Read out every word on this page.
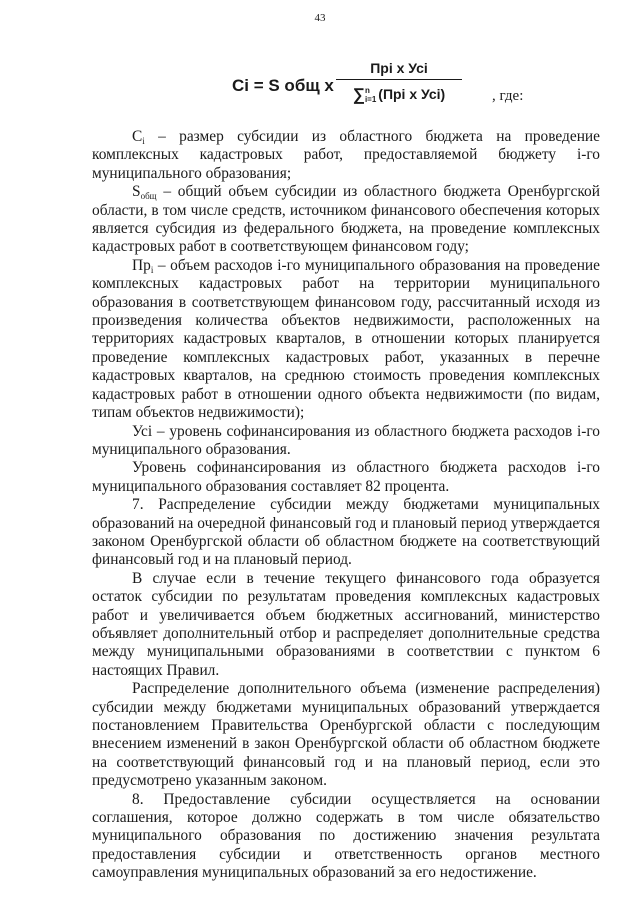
43
Ci = S общ х
Прi х Усi
∑ n
i=1 (Прi х Усi)	, где:

$C_i$ – размер субсидии из областного бюджета на проведение комплексных кадастровых работ, предоставляемой бюджету i-го муниципального образования;

$S_{общ}$ – общий объем субсидии из областного бюджета Оренбургской области, в том числе средств, источником финансового обеспечения которых является субсидия из федерального бюджета, на проведение комплексных кадастровых работ в соответствующем финансовом году;

$Пр_i$ – объем расходов i-го муниципального образования на проведение комплексных кадастровых работ на территории муниципального образования в соответствующем финансовом году, рассчитанный исходя из произведения количества объектов недвижимости, расположенных на территориях кадастровых кварталов, в отношении которых планируется проведение комплексных кадастровых работ, указанных в перечне кадастровых кварталов, на среднюю стоимость проведения комплексных кадастровых работ в отношении одного объекта недвижимости (по видам, типам объектов недвижимости);

Усi – уровень софинансирования из областного бюджета расходов i-го муниципального образования.

Уровень софинансирования из областного бюджета расходов i-го муниципального образования составляет 82 процента.

7. Распределение субсидии между бюджетами муниципальных образований на очередной финансовый год и плановый период утверждается законом Оренбургской области об областном бюджете на соответствующий финансовый год и на плановый период.

В случае если в течение текущего финансового года образуется остаток субсидии по результатам проведения комплексных кадастровых работ и увеличивается объем бюджетных ассигнований, министерство объявляет дополнительный отбор и распределяет дополнительные средства между муниципальными образованиями в соответствии с пунктом 6 настоящих Правил.

Распределение дополнительного объема (изменение распределения) субсидии между бюджетами муниципальных образований утверждается постановлением Правительства Оренбургской области с последующим внесением изменений в закон Оренбургской области об областном бюджете на соответствующий финансовый год и на плановый период, если это предусмотрено указанным законом.

8. Предоставление субсидии осуществляется на основании соглашения, которое должно содержать в том числе обязательство муниципального образования по достижению значения результата предоставления субсидии и ответственность органов местного самоуправления муниципальных образований за его недостижение.
